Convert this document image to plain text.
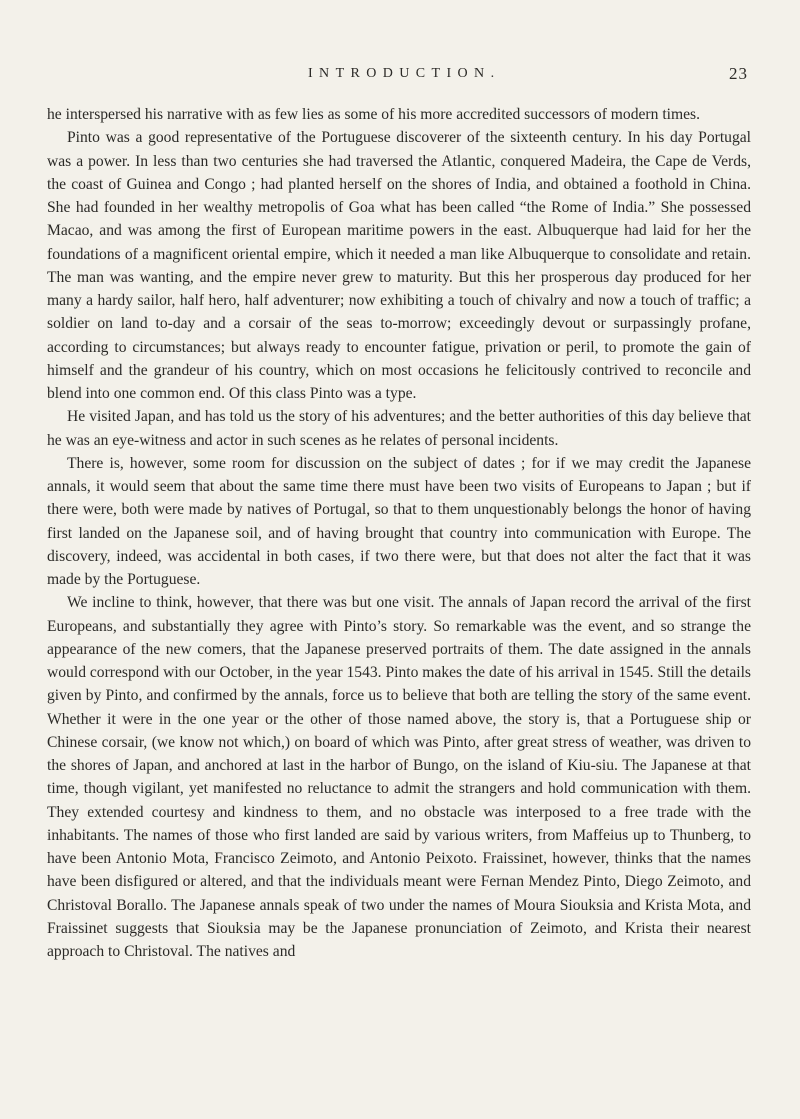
INTRODUCTION.	23

he interspersed his narrative with as few lies as some of his more accredited successors of modern times.

Pinto was a good representative of the Portuguese discoverer of the sixteenth century. In his day Portugal was a power. In less than two centuries she had traversed the Atlantic, conquered Madeira, the Cape de Verds, the coast of Guinea and Congo ; had planted herself on the shores of India, and obtained a foothold in China. She had founded in her wealthy metropolis of Goa what has been called “the Rome of India.” She possessed Macao, and was among the first of European maritime powers in the east. Albuquerque had laid for her the foundations of a magnificent oriental empire, which it needed a man like Albuquerque to consolidate and retain. The man was wanting, and the empire never grew to maturity. But this her prosperous day produced for her many a hardy sailor, half hero, half adventurer; now exhibiting a touch of chivalry and now a touch of traffic; a soldier on land to-day and a corsair of the seas to-morrow; exceedingly devout or surpassingly profane, according to circumstances; but always ready to encounter fatigue, privation or peril, to promote the gain of himself and the grandeur of his country, which on most occasions he felicitously contrived to reconcile and blend into one common end. Of this class Pinto was a type.

He visited Japan, and has told us the story of his adventures; and the better authorities of this day believe that he was an eye-witness and actor in such scenes as he relates of personal incidents.

There is, however, some room for discussion on the subject of dates ; for if we may credit the Japanese annals, it would seem that about the same time there must have been two visits of Europeans to Japan ; but if there were, both were made by natives of Portugal, so that to them unquestionably belongs the honor of having first landed on the Japanese soil, and of having brought that country into communication with Europe. The discovery, indeed, was accidental in both cases, if two there were, but that does not alter the fact that it was made by the Portuguese.

We incline to think, however, that there was but one visit. The annals of Japan record the arrival of the first Europeans, and substantially they agree with Pinto’s story. So remarkable was the event, and so strange the appearance of the new comers, that the Japanese preserved portraits of them. The date assigned in the annals would correspond with our October, in the year 1543. Pinto makes the date of his arrival in 1545. Still the details given by Pinto, and confirmed by the annals, force us to believe that both are telling the story of the same event. Whether it were in the one year or the other of those named above, the story is, that a Portuguese ship or Chinese corsair, (we know not which,) on board of which was Pinto, after great stress of weather, was driven to the shores of Japan, and anchored at last in the harbor of Bungo, on the island of Kiu-siu. The Japanese at that time, though vigilant, yet manifested no reluctance to admit the strangers and hold communication with them. They extended courtesy and kindness to them, and no obstacle was interposed to a free trade with the inhabitants. The names of those who first landed are said by various writers, from Maffeius up to Thunberg, to have been Antonio Mota, Francisco Zeimoto, and Antonio Peixoto. Fraissinet, however, thinks that the names have been disfigured or altered, and that the individuals meant were Fernan Mendez Pinto, Diego Zeimoto, and Christoval Borallo. The Japanese annals speak of two under the names of Moura Siouksia and Krista Mota, and Fraissinet suggests that Siouksia may be the Japanese pronunciation of Zeimoto, and Krista their nearest approach to Christoval. The natives and
